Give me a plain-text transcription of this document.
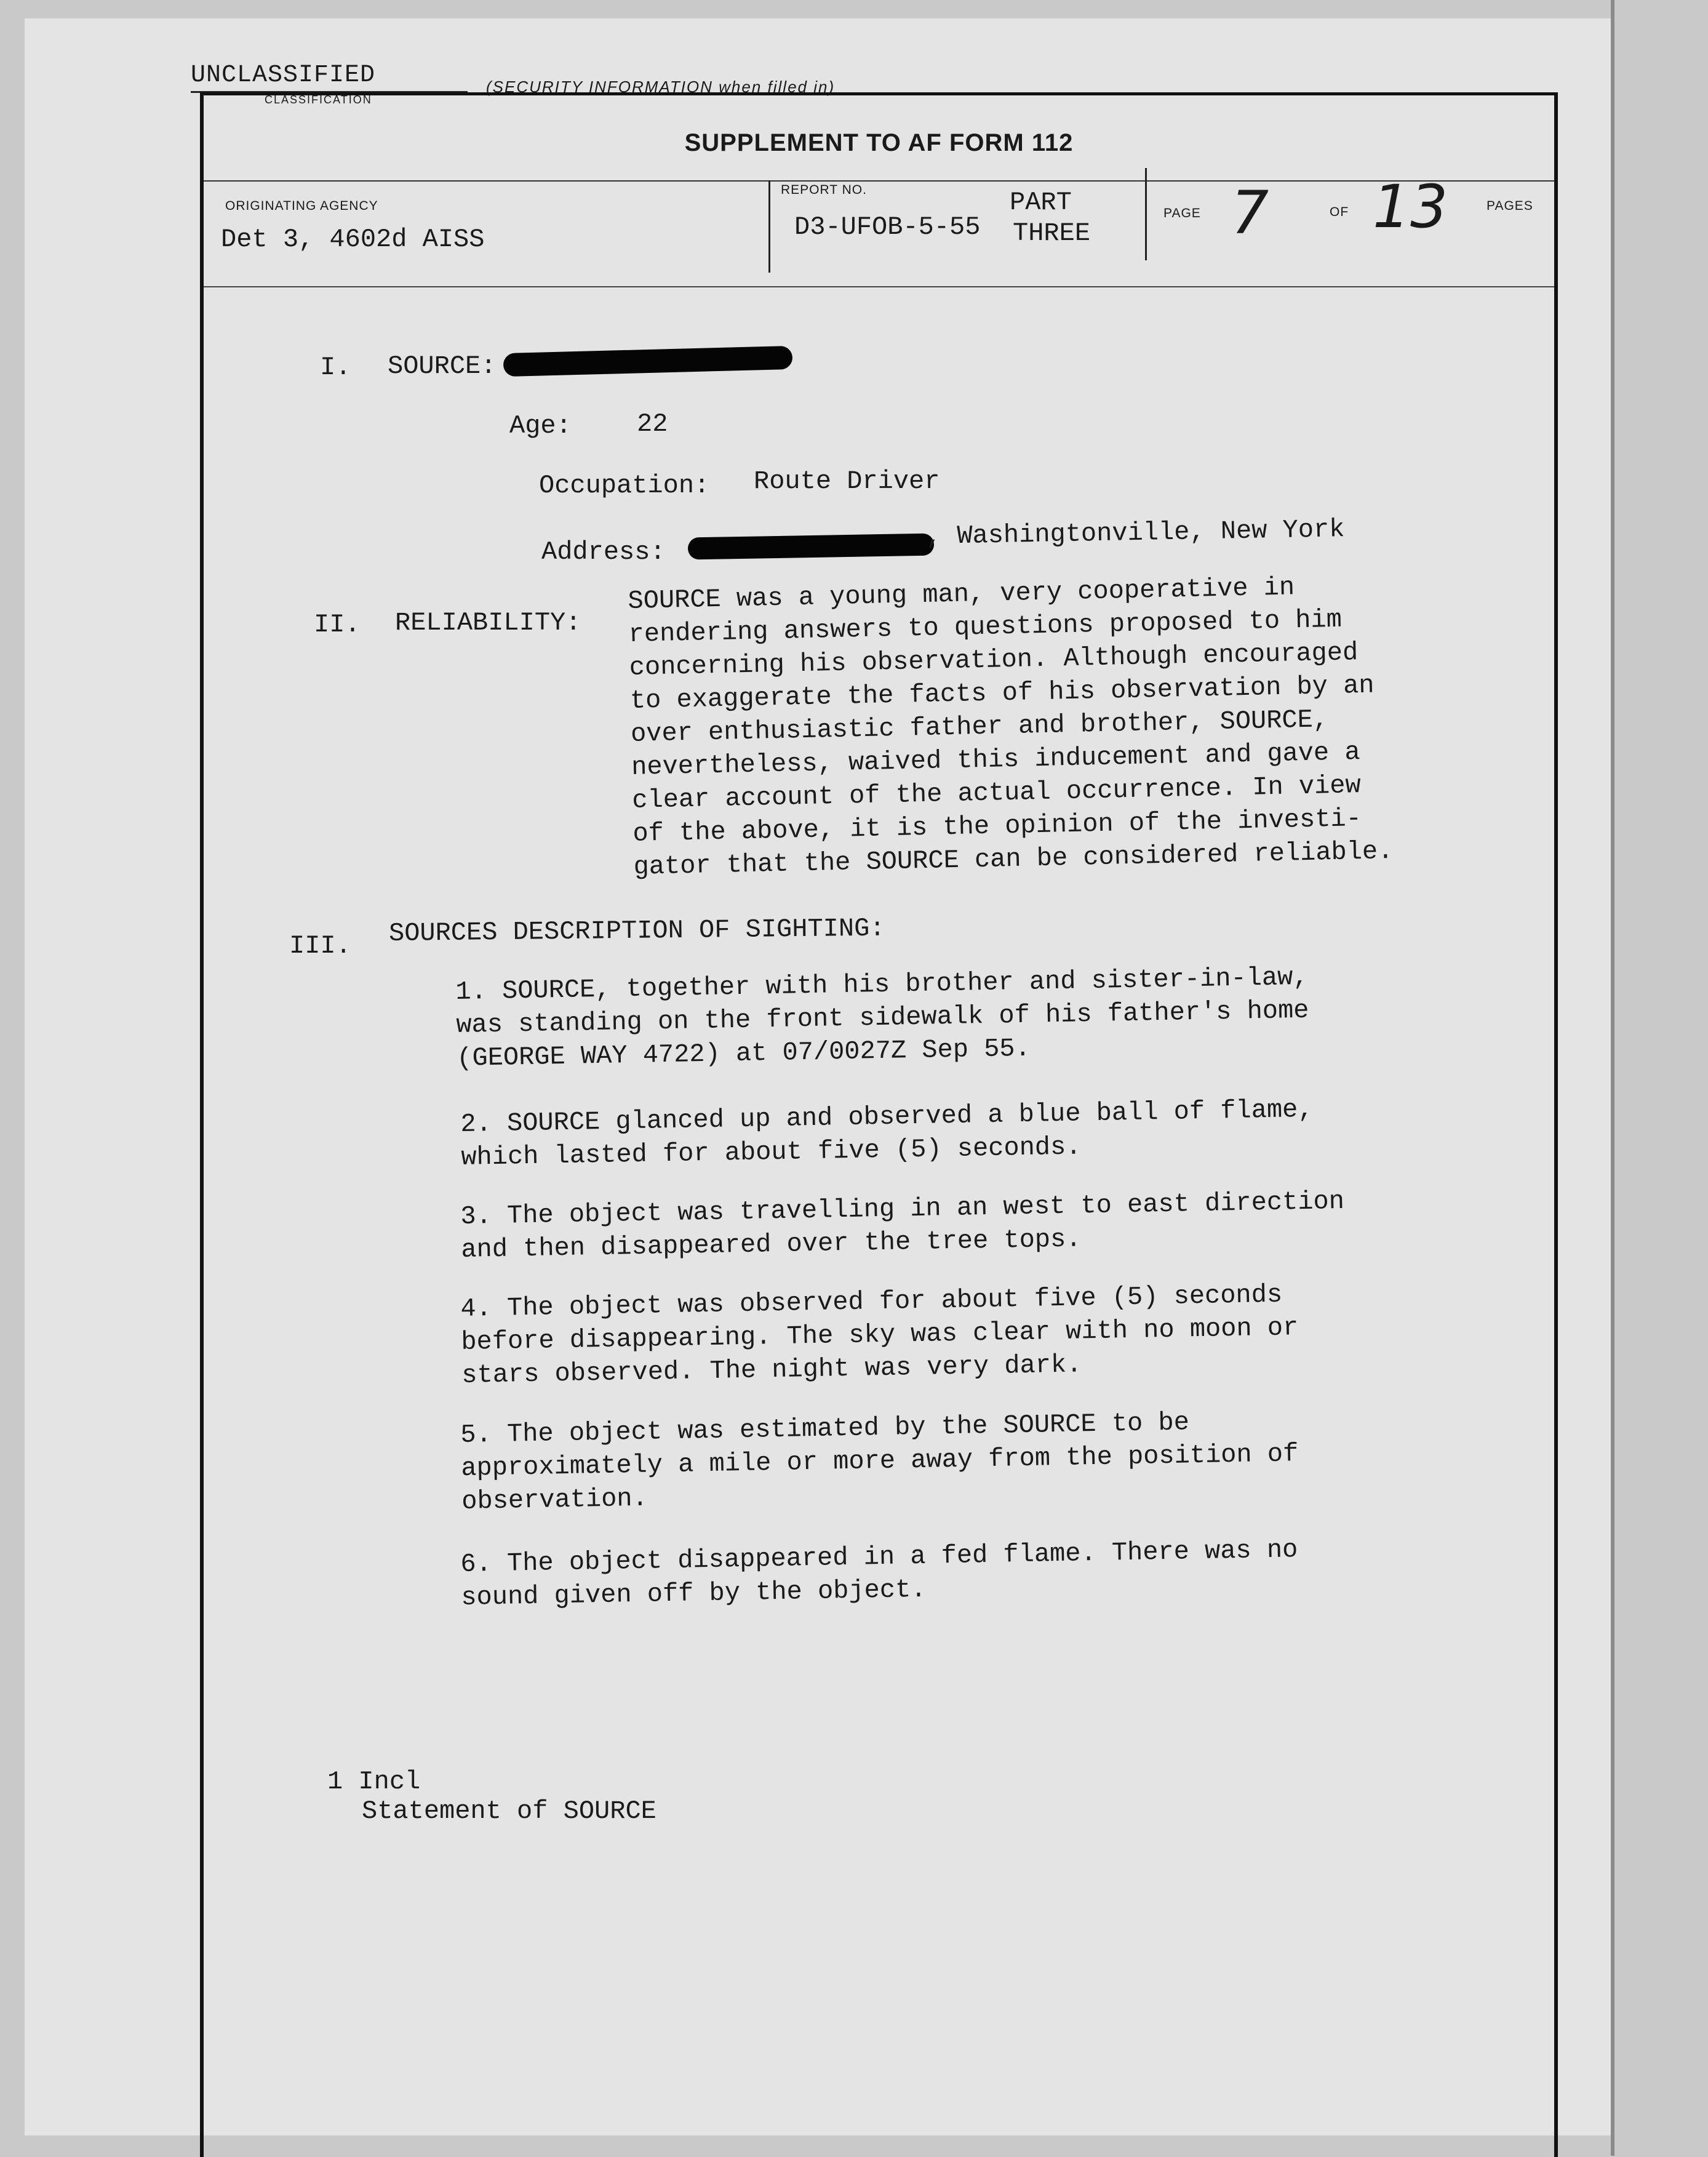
UNCLASSIFIED
CLASSIFICATION
(SECURITY INFORMATION when filled in)
SUPPLEMENT TO AF FORM 112
ORIGINATING AGENCY
Det 3, 4602d AISS
REPORT NO.
D3-UFOB-5-55
PART
THREE
PAGE 7	OF 13	PAGES
I. SOURCE:
Age:	22
Occupation: Route Driver
Address:
, Washingtonville, New York
II. RELIABILITY:
SOURCE was a young man, very cooperative in
rendering answers to questions proposed to him
concerning his observation. Although encouraged
to exaggerate the facts of his observation by an
over enthusiastic father and brother, SOURCE,
nevertheless, waived this inducement and gave a
clear account of the actual occurrence. In view
of the above, it is the opinion of the investi-
gator that the SOURCE can be considered reliable.
III. SOURCES DESCRIPTION OF SIGHTING:
1. SOURCE, together with his brother and sister-in-law,
was standing on the front sidewalk of his father's home
(GEORGE WAY 4722) at 07/0027Z Sep 55.
2. SOURCE glanced up and observed a blue ball of flame,
which lasted for about five (5) seconds.
3. The object was travelling in an west to east direction
and then disappeared over the tree tops.
4. The object was observed for about five (5) seconds
before disappearing. The sky was clear with no moon or
stars observed. The night was very dark.
5. The object was estimated by the SOURCE to be
approximately a mile or more away from the position of
observation.
6. The object disappeared in a fed flame. There was no
sound given off by the object.
1 Incl
Statement of SOURCE
